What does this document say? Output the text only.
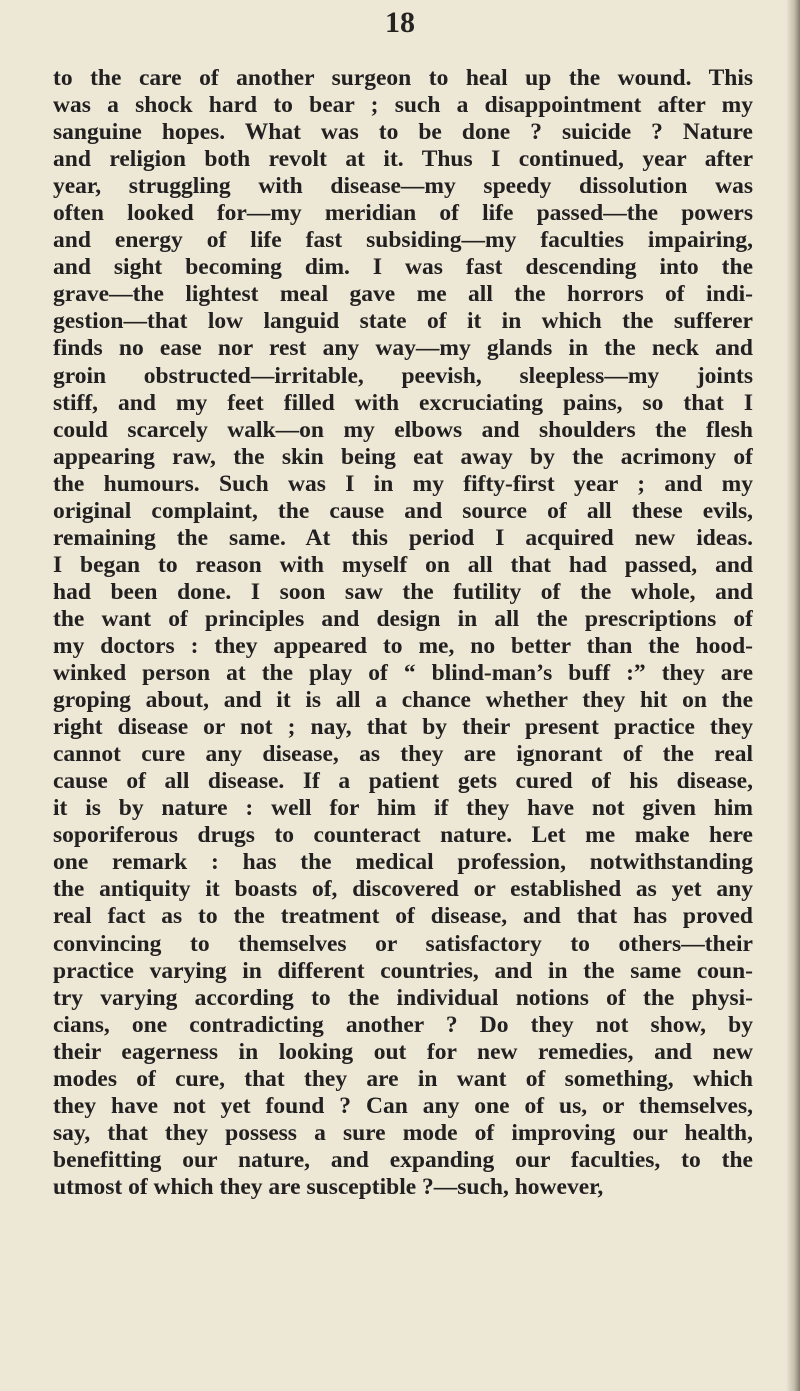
18
to the care of another surgeon to heal up the wound. This
was a shock hard to bear ; such a disappointment after my
sanguine hopes. What was to be done ? suicide ? Nature
and religion both revolt at it. Thus I continued, year after
year, struggling with disease—my speedy dissolution was
often looked for—my meridian of life passed—the powers
and energy of life fast subsiding—my faculties impairing,
and sight becoming dim. I was fast descending into the
grave—the lightest meal gave me all the horrors of indi-
gestion—that low languid state of it in which the sufferer
finds no ease nor rest any way—my glands in the neck and
groin obstructed—irritable, peevish, sleepless—my joints
stiff, and my feet filled with excruciating pains, so that I
could scarcely walk—on my elbows and shoulders the flesh
appearing raw, the skin being eat away by the acrimony of
the humours. Such was I in my fifty-first year ; and my
original complaint, the cause and source of all these evils,
remaining the same. At this period I acquired new ideas.
I began to reason with myself on all that had passed, and
had been done. I soon saw the futility of the whole, and
the want of principles and design in all the prescriptions of
my doctors : they appeared to me, no better than the hood-
winked person at the play of “ blind-man’s buff :” they are
groping about, and it is all a chance whether they hit on the
right disease or not ; nay, that by their present practice they
cannot cure any disease, as they are ignorant of the real
cause of all disease. If a patient gets cured of his disease,
it is by nature : well for him if they have not given him
soporiferous drugs to counteract nature. Let me make here
one remark : has the medical profession, notwithstanding
the antiquity it boasts of, discovered or established as yet any
real fact as to the treatment of disease, and that has proved
convincing to themselves or satisfactory to others—their
practice varying in different countries, and in the same coun-
try varying according to the individual notions of the physi-
cians, one contradicting another ? Do they not show, by
their eagerness in looking out for new remedies, and new
modes of cure, that they are in want of something, which
they have not yet found ? Can any one of us, or themselves,
say, that they possess a sure mode of improving our health,
benefitting our nature, and expanding our faculties, to the
utmost of which they are susceptible ?—such, however,
